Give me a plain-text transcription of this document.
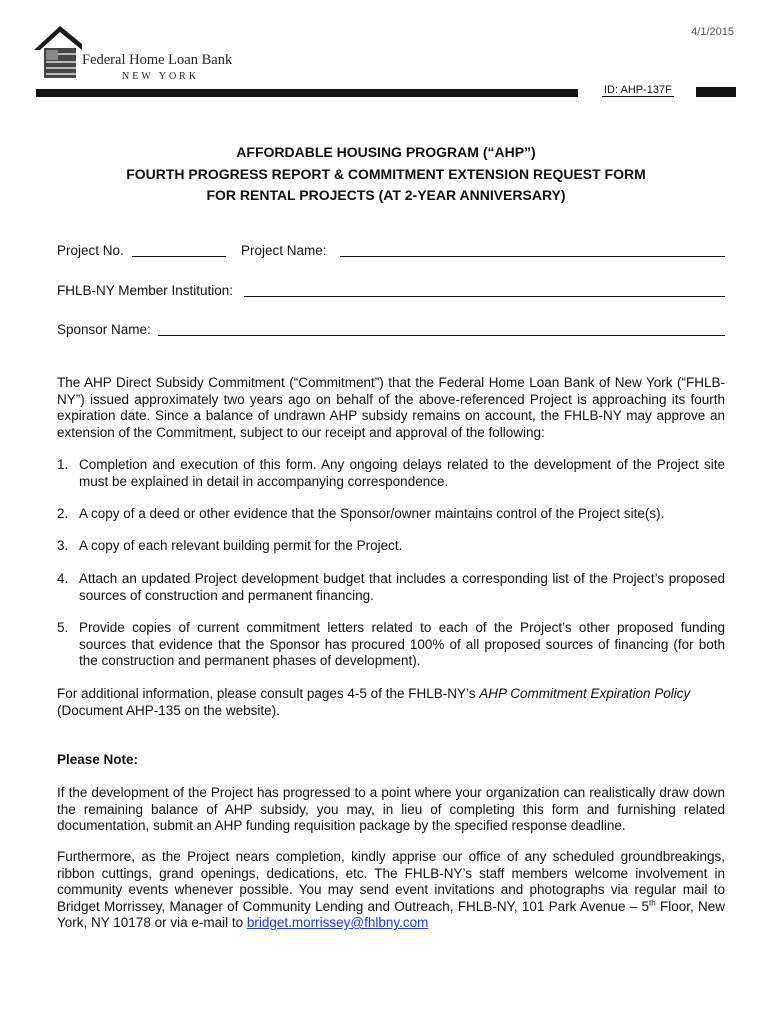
4/1/2015
Federal Home Loan Bank
NEW YORK
ID: AHP-137F
AFFORDABLE HOUSING PROGRAM (“AHP”)
FOURTH PROGRESS REPORT & COMMITMENT EXTENSION REQUEST FORM
FOR RENTAL PROJECTS (AT 2-YEAR ANNIVERSARY)
Project No.	Project Name:
FHLB-NY Member Institution:
Sponsor Name:
The AHP Direct Subsidy Commitment (“Commitment”) that the Federal Home Loan Bank of New York (“FHLB-NY”) issued approximately two years ago on behalf of the above-referenced Project is approaching its fourth expiration date. Since a balance of undrawn AHP subsidy remains on account, the FHLB-NY may approve an extension of the Commitment, subject to our receipt and approval of the following:
1. Completion and execution of this form. Any ongoing delays related to the development of the Project site must be explained in detail in accompanying correspondence.
2. A copy of a deed or other evidence that the Sponsor/owner maintains control of the Project site(s).
3. A copy of each relevant building permit for the Project.
4. Attach an updated Project development budget that includes a corresponding list of the Project’s proposed sources of construction and permanent financing.
5. Provide copies of current commitment letters related to each of the Project’s other proposed funding sources that evidence that the Sponsor has procured 100% of all proposed sources of financing (for both the construction and permanent phases of development).
For additional information, please consult pages 4-5 of the FHLB-NY’s AHP Commitment Expiration Policy
(Document AHP-135 on the website).
Please Note:
If the development of the Project has progressed to a point where your organization can realistically draw down the remaining balance of AHP subsidy, you may, in lieu of completing this form and furnishing related documentation, submit an AHP funding requisition package by the specified response deadline.
Furthermore, as the Project nears completion, kindly apprise our office of any scheduled groundbreakings, ribbon cuttings, grand openings, dedications, etc. The FHLB-NY’s staff members welcome involvement in community events whenever possible. You may send event invitations and photographs via regular mail to Bridget Morrissey, Manager of Community Lending and Outreach, FHLB-NY, 101 Park Avenue – 5th Floor, New York, NY 10178 or via e-mail to bridget.morrissey@fhlbny.com
